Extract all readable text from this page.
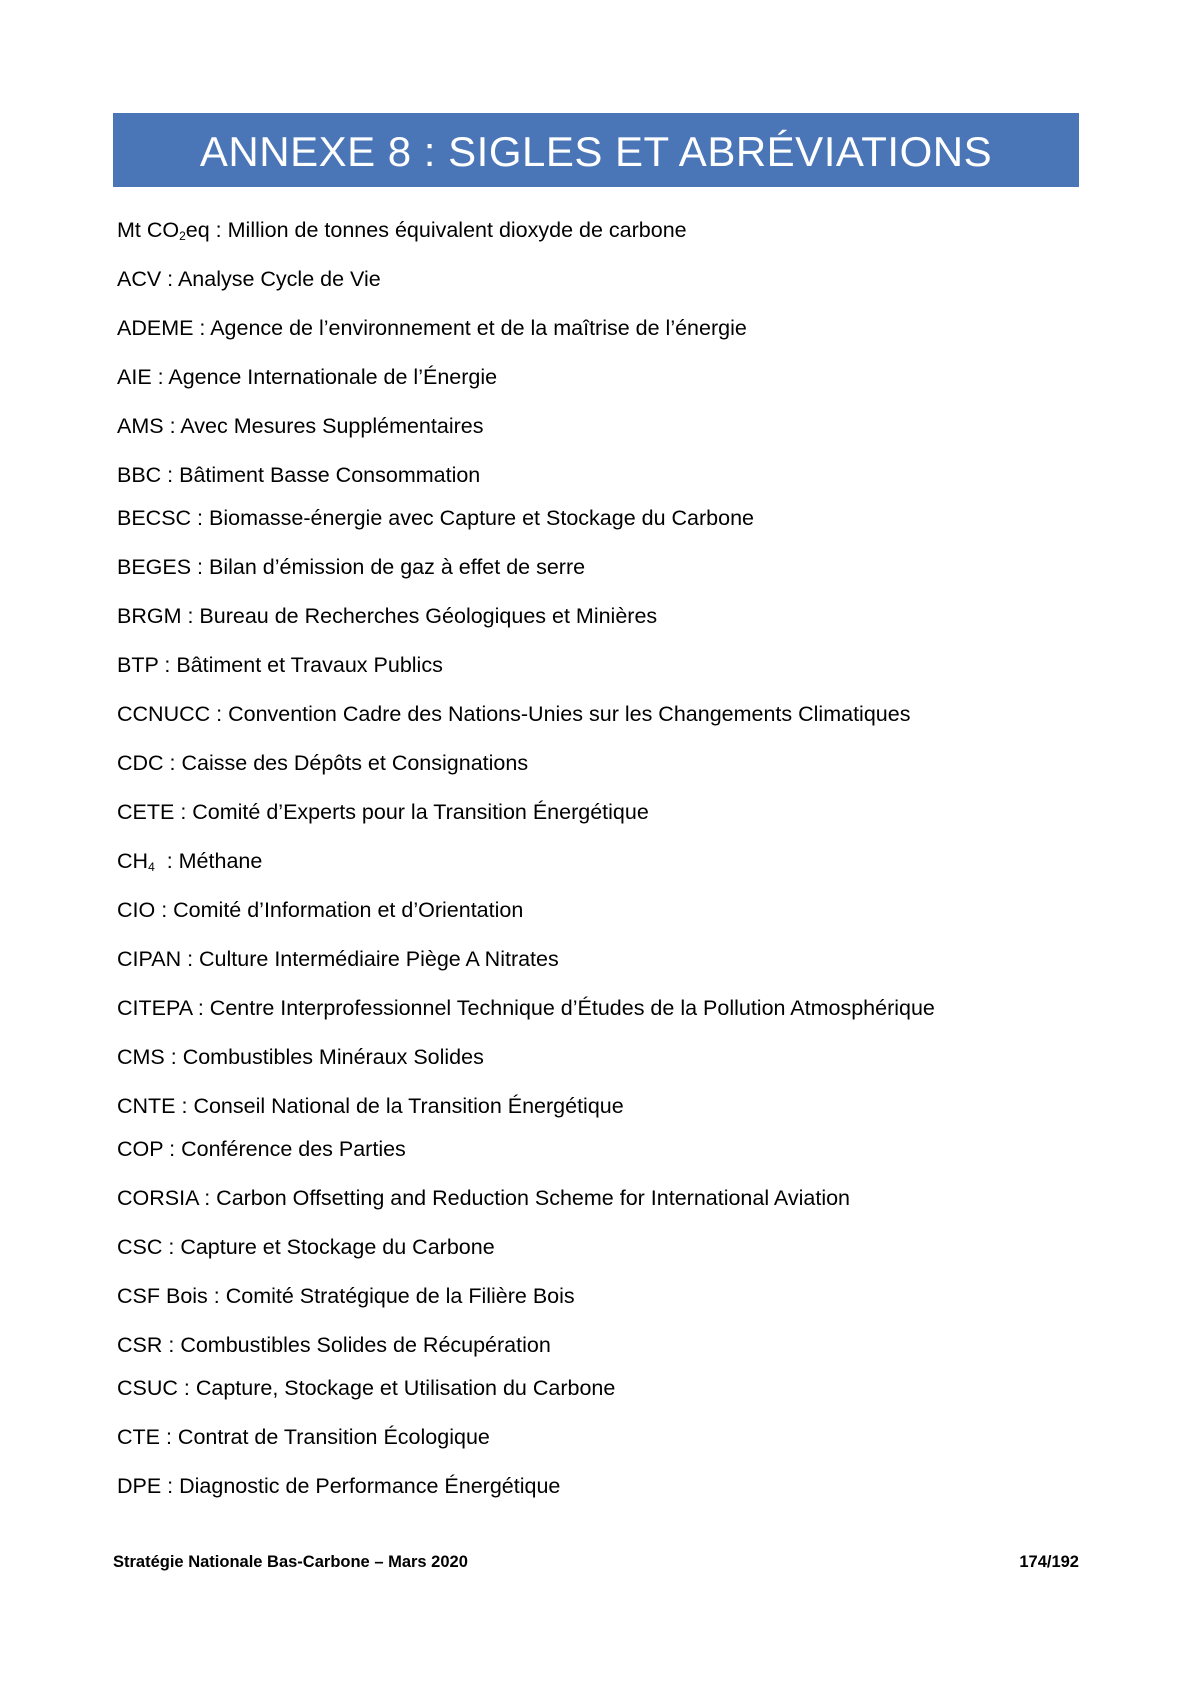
ANNEXE 8 : SIGLES ET ABRÉVIATIONS
Mt $CO_2eq$ : Million de tonnes équivalent dioxyde de carbone
ACV : Analyse Cycle de Vie
ADEME : Agence de l’environnement et de la maîtrise de l’énergie
AIE : Agence Internationale de l’Énergie
AMS : Avec Mesures Supplémentaires
BBC : Bâtiment Basse Consommation
BECSC : Biomasse-énergie avec Capture et Stockage du Carbone
BEGES : Bilan d’émission de gaz à effet de serre
BRGM : Bureau de Recherches Géologiques et Minières
BTP : Bâtiment et Travaux Publics
CCNUCC : Convention Cadre des Nations-Unies sur les Changements Climatiques
CDC : Caisse des Dépôts et Consignations
CETE : Comité d’Experts pour la Transition Énergétique
$CH_4$  : Méthane
CIO : Comité d’Information et d’Orientation
CIPAN : Culture Intermédiaire Piège A Nitrates
CITEPA : Centre Interprofessionnel Technique d’Études de la Pollution Atmosphérique
CMS : Combustibles Minéraux Solides
CNTE : Conseil National de la Transition Énergétique
COP : Conférence des Parties
CORSIA : Carbon Offsetting and Reduction Scheme for International Aviation
CSC : Capture et Stockage du Carbone
CSF Bois : Comité Stratégique de la Filière Bois
CSR : Combustibles Solides de Récupération
CSUC : Capture, Stockage et Utilisation du Carbone
CTE : Contrat de Transition Écologique
DPE : Diagnostic de Performance Énergétique
Stratégie Nationale Bas-Carbone – Mars 2020	174/192
